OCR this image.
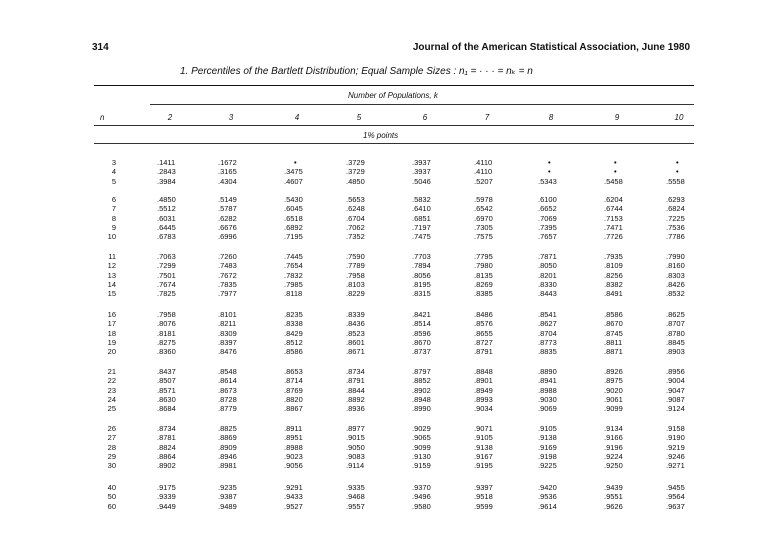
314	Journal of the American Statistical Association, June 1980
1. Percentiles of the Bartlett Distribution; Equal Sample Sizes : n₁ = · · · = nₖ = n
Number of Populations, k
n	2	3	4	5	6	7	8	9	10
1% points
3	.1411	.1672	•	.3729	.3937	.4110	•	•	•
4	.2843	.3165	.3475	.3729	.3937	.4110	•	•	•
5	.3984	.4304	.4607	.4850	.5046	.5207	.5343	.5458	.5558
6	.4850	.5149	.5430	.5653	.5832	.5978	.6100	.6204	.6293
7	.5512	.5787	.6045	.6248	.6410	.6542	.6652	.6744	.6824
8	.6031	.6282	.6518	.6704	.6851	.6970	.7069	.7153	.7225
9	.6445	.6676	.6892	.7062	.7197	.7305	.7395	.7471	.7536
10	.6783	.6996	.7195	.7352	.7475	.7575	.7657	.7726	.7786
11	.7063	.7260	.7445	.7590	.7703	.7795	.7871	.7935	.7990
12	.7299	.7483	.7654	.7789	.7894	.7980	.8050	.8109	.8160
13	.7501	.7672	.7832	.7958	.8056	.8135	.8201	.8256	.8303
14	.7674	.7835	.7985	.8103	.8195	.8269	.8330	.8382	.8426
15	.7825	.7977	.8118	.8229	.8315	.8385	.8443	.8491	.8532
16	.7958	.8101	.8235	.8339	.8421	.8486	.8541	.8586	.8625
17	.8076	.8211	.8338	.8436	.8514	.8576	.8627	.8670	.8707
18	.8181	.8309	.8429	.8523	.8596	.8655	.8704	.8745	.8780
19	.8275	.8397	.8512	.8601	.8670	.8727	.8773	.8811	.8845
20	.8360	.8476	.8586	.8671	.8737	.8791	.8835	.8871	.8903
21	.8437	.8548	.8653	.8734	.8797	.8848	.8890	.8926	.8956
22	.8507	.8614	.8714	.8791	.8852	.8901	.8941	.8975	.9004
23	.8571	.8673	.8769	.8844	.8902	.8949	.8988	.9020	.9047
24	.8630	.8728	.8820	.8892	.8948	.8993	.9030	.9061	.9087
25	.8684	.8779	.8867	.8936	.8990	.9034	.9069	.9099	.9124
26	.8734	.8825	.8911	.8977	.9029	.9071	.9105	.9134	.9158
27	.8781	.8869	.8951	.9015	.9065	.9105	.9138	.9166	.9190
28	.8824	.8909	.8988	.9050	.9099	.9138	.9169	.9196	.9219
29	.8864	.8946	.9023	.9083	.9130	.9167	.9198	.9224	.9246
30	.8902	.8981	.9056	.9114	.9159	.9195	.9225	.9250	.9271
40	.9175	.9235	.9291	.9335	.9370	.9397	.9420	.9439	.9455
50	.9339	.9387	.9433	.9468	.9496	.9518	.9536	.9551	.9564
60	.9449	.9489	.9527	.9557	.9580	.9599	.9614	.9626	.9637
